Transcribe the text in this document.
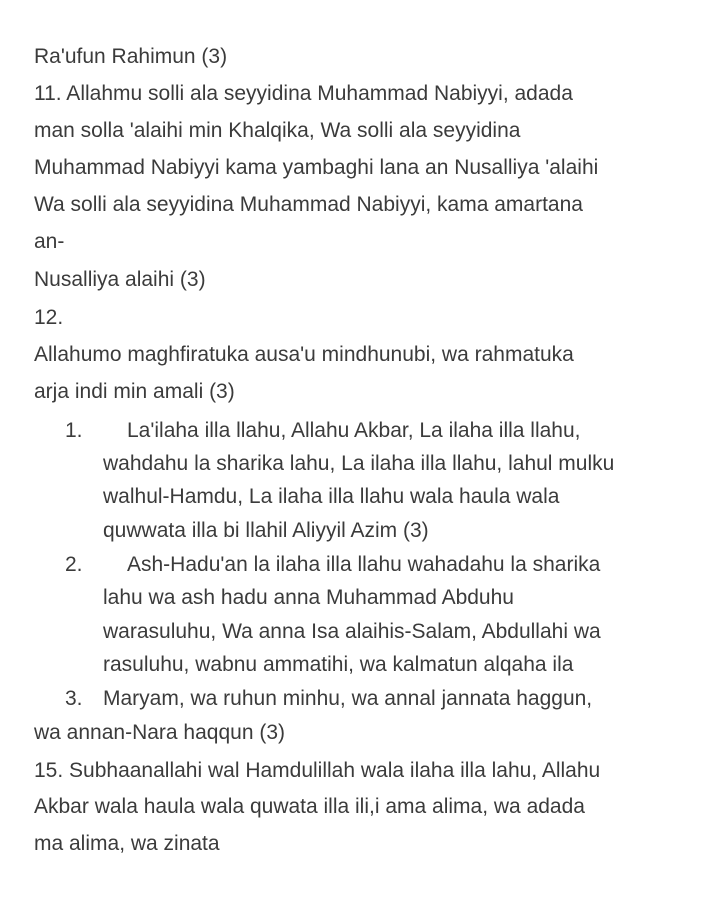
Ra'ufun Rahimun (3)
11. Allahmu solli ala seyyidina Muhammad Nabiyyi, adada
man solla 'alaihi min Khalqika, Wa solli ala seyyidina
Muhammad Nabiyyi kama yambaghi lana an Nusalliya 'alaihi
Wa solli ala seyyidina Muhammad Nabiyyi, kama amartana
an-
Nusalliya alaihi (3)
12.
Allahumo maghfiratuka ausa'u mindhunubi, wa rahmatuka
arja indi min amali (3)
1. La'ilaha illa llahu, Allahu Akbar, La ilaha illa llahu,
wahdahu la sharika lahu, La ilaha illa llahu, lahul mulku
walhul-Hamdu, La ilaha illa llahu wala haula wala
quwwata illa bi llahil Aliyyil Azim (3)
2. Ash-Hadu'an la ilaha illa llahu wahadahu la sharika
lahu wa ash hadu anna Muhammad Abduhu
warasuluhu, Wa anna Isa alaihis-Salam, Abdullahi wa
rasuluhu, wabnu ammatihi, wa kalmatun alqaha ila
3. Maryam, wa ruhun minhu, wa annal jannata haggun,
wa annan-Nara haqqun (3)
15. Subhaanallahi wal Hamdulillah wala ilaha illa lahu, Allahu
Akbar wala haula wala quwata illa ili,i ama alima, wa adada
ma alima, wa zinata
